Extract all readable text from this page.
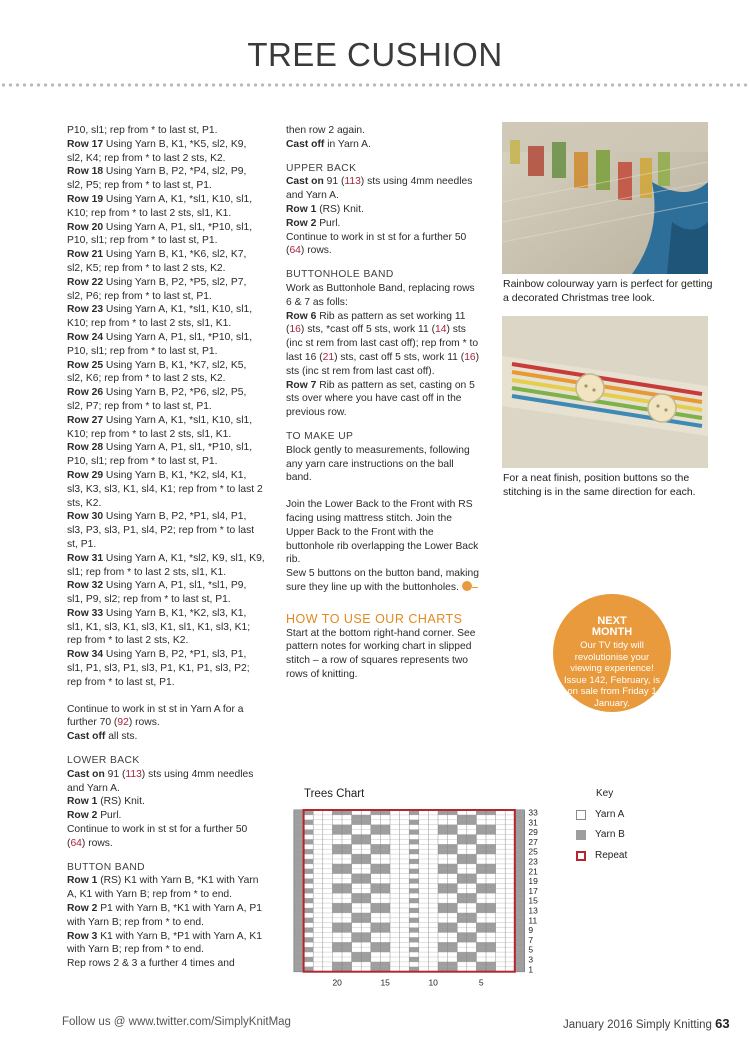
TREE CUSHION

P10, sl1; rep from * to last st, P1.

Row 17 Using Yarn B, K1, *K5, sl2, K9, sl2, K4; rep from * to last 2 sts, K2.

Row 18 Using Yarn B, P2, *P4, sl2, P9, sl2, P5; rep from * to last st, P1.

Row 19 Using Yarn A, K1, *sl1, K10, sl1, K10; rep from * to last 2 sts, sl1, K1.

Row 20 Using Yarn A, P1, sl1, *P10, sl1, P10, sl1; rep from * to last st, P1.

Row 21 Using Yarn B, K1, *K6, sl2, K7, sl2, K5; rep from * to last 2 sts, K2.

Row 22 Using Yarn B, P2, *P5, sl2, P7, sl2, P6; rep from * to last st, P1.

Row 23 Using Yarn A, K1, *sl1, K10, sl1, K10; rep from * to last 2 sts, sl1, K1.

Row 24 Using Yarn A, P1, sl1, *P10, sl1, P10, sl1; rep from * to last st, P1.

Row 25 Using Yarn B, K1, *K7, sl2, K5, sl2, K6; rep from * to last 2 sts, K2.

Row 26 Using Yarn B, P2, *P6, sl2, P5, sl2, P7; rep from * to last st, P1.

Row 27 Using Yarn A, K1, *sl1, K10, sl1, K10; rep from * to last 2 sts, sl1, K1.

Row 28 Using Yarn A, P1, sl1, *P10, sl1, P10, sl1; rep from * to last st, P1.

Row 29 Using Yarn B, K1, *K2, sl4, K1, sl3, K3, sl3, K1, sl4, K1; rep from * to last 2 sts, K2.

Row 30 Using Yarn B, P2, *P1, sl4, P1, sl3, P3, sl3, P1, sl4, P2; rep from * to last st, P1.

Row 31 Using Yarn A, K1, *sl2, K9, sl1, K9, sl1; rep from * to last 2 sts, sl1, K1.

Row 32 Using Yarn A, P1, sl1, *sl1, P9, sl1, P9, sl2; rep from * to last st, P1.

Row 33 Using Yarn B, K1, *K2, sl3, K1, sl1, K1, sl3, K1, sl3, K1, sl1, K1, sl3, K1; rep from * to last 2 sts, K2.

Row 34 Using Yarn B, P2, *P1, sl3, P1, sl1, P1, sl3, P1, sl3, P1, K1, P1, sl3, P2; rep from * to last st, P1.

Continue to work in st st in Yarn A for a further 70 (92) rows.

Cast off all sts.

LOWER BACK

Cast on 91 (113) sts using 4mm needles and Yarn A.

Row 1 (RS) Knit.

Row 2 Purl.

Continue to work in st st for a further 50 (64) rows.

BUTTON BAND

Row 1 (RS) K1 with Yarn B, *K1 with Yarn A, K1 with Yarn B; rep from * to end.

Row 2 P1 with Yarn B, *K1 with Yarn A, P1 with Yarn B; rep from * to end.

Row 3 K1 with Yarn B, *P1 with Yarn A, K1 with Yarn B; rep from * to end.

Rep rows 2 & 3 a further 4 times and

then row 2 again.

Cast off in Yarn A.

UPPER BACK

Cast on 91 (113) sts using 4mm needles and Yarn A.

Row 1 (RS) Knit.

Row 2 Purl.

Continue to work in st st for a further 50 (64) rows.

BUTTONHOLE BAND

Work as Buttonhole Band, replacing rows 6 & 7 as folls:

Row 6 Rib as pattern as set working 11 (16) sts, *cast off 5 sts, work 11 (14) sts (inc st rem from last cast off); rep from * to last 16 (21) sts, cast off 5 sts, work 11 (16) sts (inc st rem from last cast off).

Row 7 Rib as pattern as set, casting on 5 sts over where you have cast off in the previous row.

TO MAKE UP

Block gently to measurements, following any yarn care instructions on the ball band.

Join the Lower Back to the Front with RS facing using mattress stitch. Join the Upper Back to the Front with the buttonhole rib overlapping the Lower Back rib.

Sew 5 buttons on the button band, making sure they line up with the buttonholes.

HOW TO USE OUR CHARTS

Start at the bottom right-hand corner. See pattern notes for working chart in slipped stitch – a row of squares represents two rows of knitting.

Rainbow colourway yarn is perfect for getting a decorated Christmas tree look.
For a neat finish, position buttons so the stitching is in the same direction for each.
NEXT
MONTH
Our TV tidy will revolutionise your viewing experience! Issue 142, February, is on sale from Friday 1 January.
Trees Chart
33
31
29
27
25
23
21
19
17
15
13
11
9
7
5
3
1
20	15	10	5
Key
Yarn A
Yarn B
Repeat
Follow us @ www.twitter.com/SimplyKnitMag	January 2016 Simply Knitting 63
